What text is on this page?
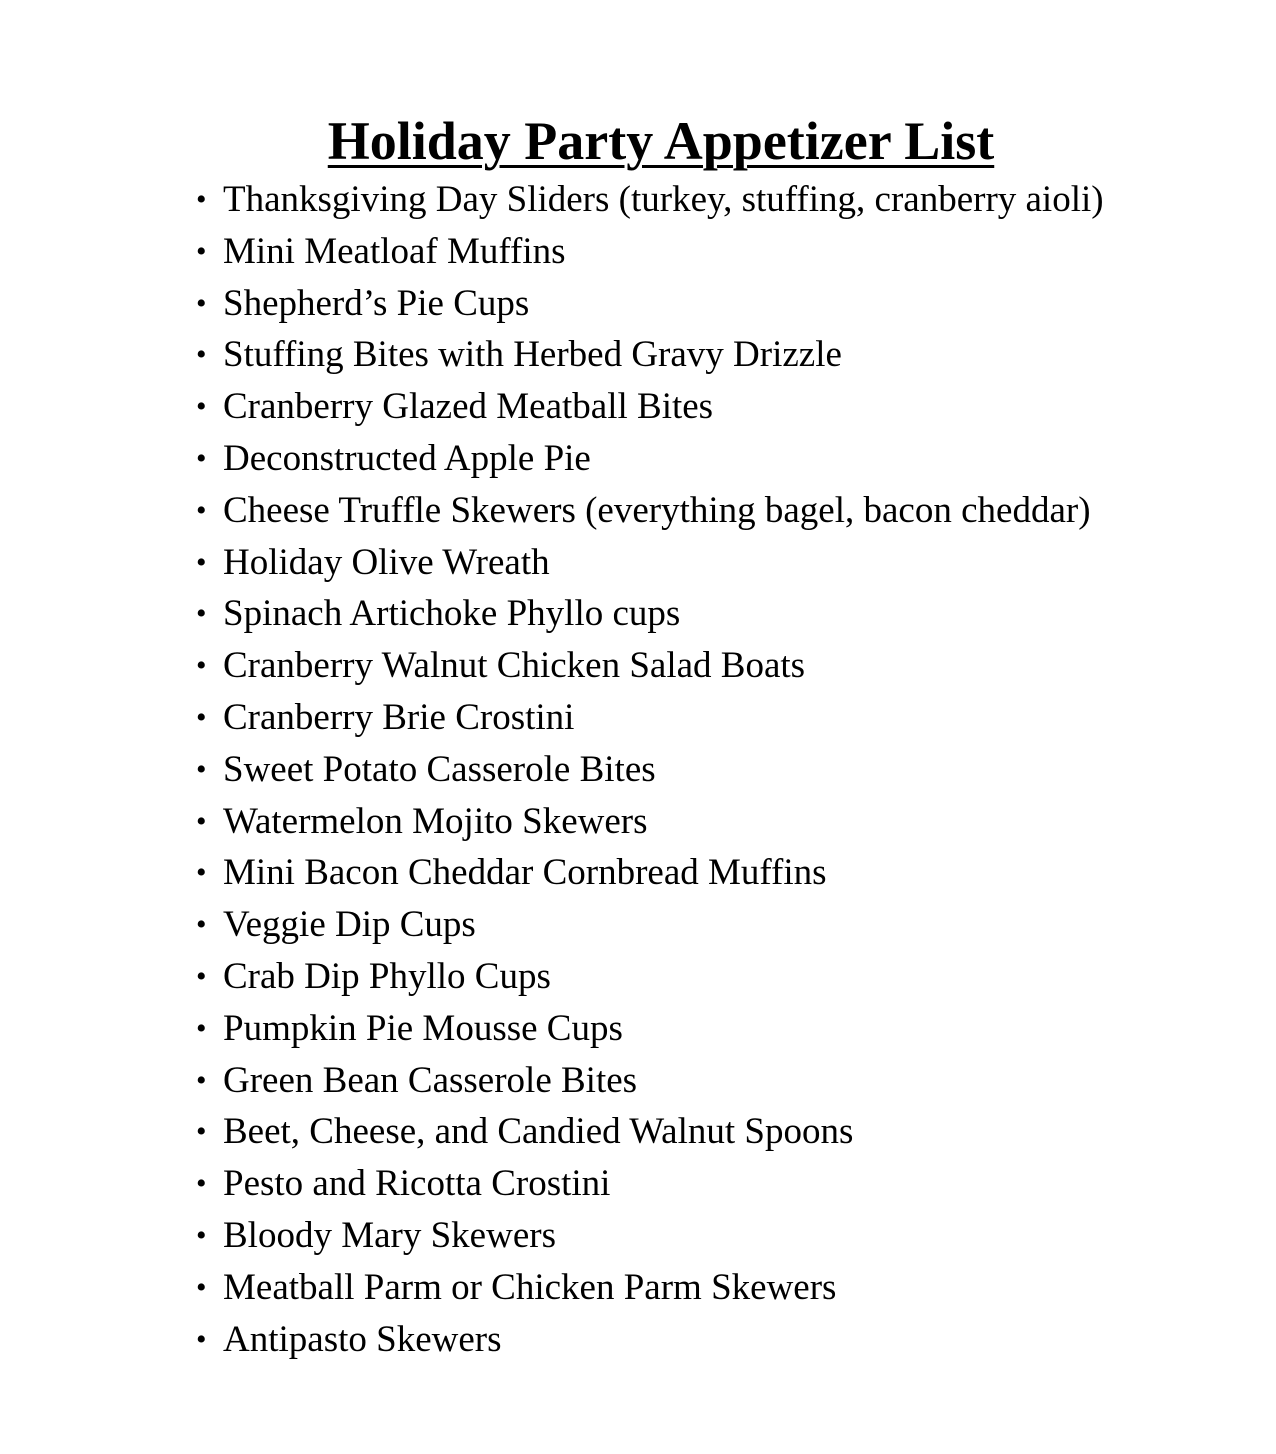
Holiday Party Appetizer List
• Thanksgiving Day Sliders (turkey, stuffing, cranberry aioli)
• Mini Meatloaf Muffins
• Shepherd’s Pie Cups
• Stuffing Bites with Herbed Gravy Drizzle
• Cranberry Glazed Meatball Bites
• Deconstructed Apple Pie
• Cheese Truffle Skewers (everything bagel, bacon cheddar)
• Holiday Olive Wreath
• Spinach Artichoke Phyllo cups
• Cranberry Walnut Chicken Salad Boats
• Cranberry Brie Crostini
• Sweet Potato Casserole Bites
• Watermelon Mojito Skewers
• Mini Bacon Cheddar Cornbread Muffins
• Veggie Dip Cups
• Crab Dip Phyllo Cups
• Pumpkin Pie Mousse Cups
• Green Bean Casserole Bites
• Beet, Cheese, and Candied Walnut Spoons
• Pesto and Ricotta Crostini
• Bloody Mary Skewers
• Meatball Parm or Chicken Parm Skewers
• Antipasto Skewers
